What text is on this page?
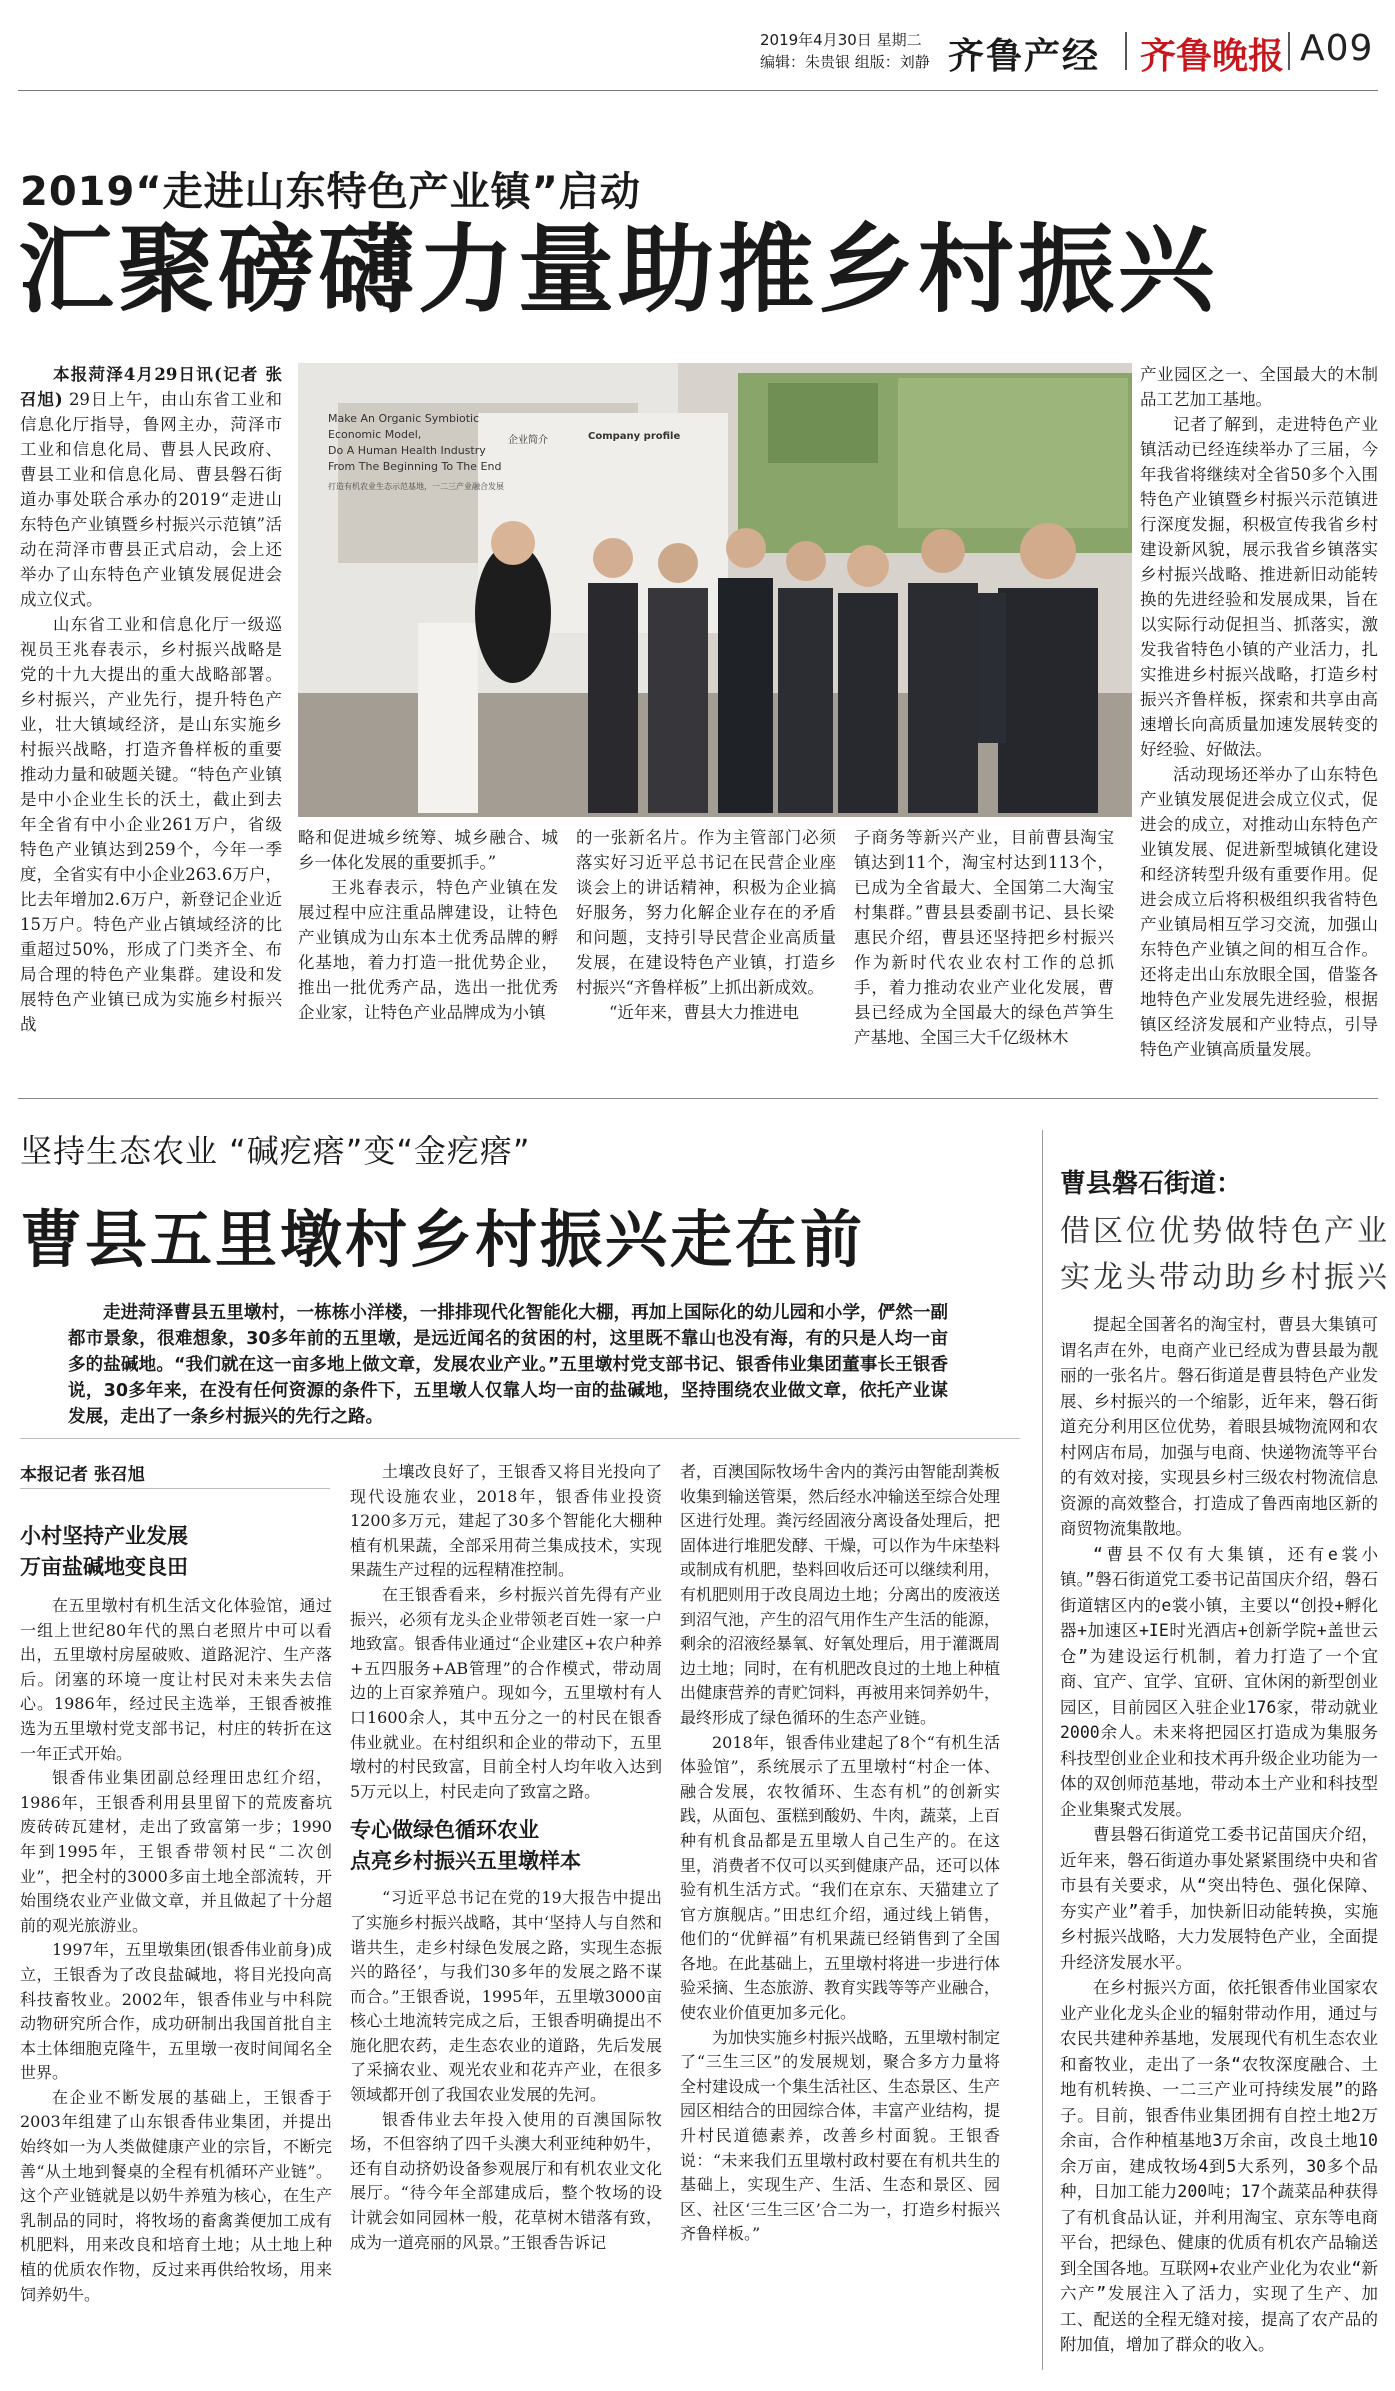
2019年4月30日 星期二
编辑：朱贵银 组版：刘静 齐鲁产经 齐鲁晚报 A09
2019“走进山东特色产业镇”启动
汇聚磅礴力量助推乡村振兴

本报菏泽4月29日讯(记者 张召旭) 29日上午，由山东省工业和信息化厅指导，鲁网主办，菏泽市工业和信息化局、曹县人民政府、曹县工业和信息化局、曹县磐石街道办事处联合承办的2019“走进山东特色产业镇暨乡村振兴示范镇”活动在菏泽市曹县正式启动，会上还举办了山东特色产业镇发展促进会成立仪式。

山东省工业和信息化厅一级巡视员王兆春表示，乡村振兴战略是党的十九大提出的重大战略部署。乡村振兴，产业先行，提升特色产业，壮大镇域经济，是山东实施乡村振兴战略，打造齐鲁样板的重要推动力量和破题关键。“特色产业镇是中小企业生长的沃土，截止到去年全省有中小企业261万户，省级特色产业镇达到259个，今年一季度，全省实有中小企业263.6万户，比去年增加2.6万户，新登记企业近15万户。特色产业占镇域经济的比重超过50%，形成了门类齐全、布局合理的特色产业集群。建设和发展特色产业镇已成为实施乡村振兴战

Make An Organic Symbiotic
Economic Model,
Do A Human Health Industry
From The Beginning To The End
企业简介	Company profile
打造有机农业生态示范基地，一二三产业融合发展

略和促进城乡统筹、城乡融合、城乡一体化发展的重要抓手。”

王兆春表示，特色产业镇在发展过程中应注重品牌建设，让特色产业镇成为山东本土优秀品牌的孵化基地，着力打造一批优势企业，推出一批优秀产品，选出一批优秀企业家，让特色产业品牌成为小镇

的一张新名片。作为主管部门必须落实好习近平总书记在民营企业座谈会上的讲话精神，积极为企业搞好服务，努力化解企业存在的矛盾和问题，支持引导民营企业高质量发展，在建设特色产业镇，打造乡村振兴“齐鲁样板”上抓出新成效。

“近年来，曹县大力推进电

子商务等新兴产业，目前曹县淘宝镇达到11个，淘宝村达到113个，已成为全省最大、全国第二大淘宝村集群。”曹县县委副书记、县长梁惠民介绍，曹县还坚持把乡村振兴作为新时代农业农村工作的总抓手，着力推动农业产业化发展，曹县已经成为全国最大的绿色芦笋生产基地、全国三大千亿级林木

产业园区之一、全国最大的木制品工艺加工基地。

记者了解到，走进特色产业镇活动已经连续举办了三届，今年我省将继续对全省50多个入围特色产业镇暨乡村振兴示范镇进行深度发掘，积极宣传我省乡村建设新风貌，展示我省乡镇落实乡村振兴战略、推进新旧动能转换的先进经验和发展成果，旨在以实际行动促担当、抓落实，激发我省特色小镇的产业活力，扎实推进乡村振兴战略，打造乡村振兴齐鲁样板，探索和共享由高速增长向高质量加速发展转变的好经验、好做法。

活动现场还举办了山东特色产业镇发展促进会成立仪式，促进会的成立，对推动山东特色产业镇发展、促进新型城镇化建设和经济转型升级有重要作用。促进会成立后将积极组织我省特色产业镇局相互学习交流，加强山东特色产业镇之间的相互合作。还将走出山东放眼全国，借鉴各地特色产业发展先进经验，根据镇区经济发展和产业特点，引导特色产业镇高质量发展。

坚持生态农业 “碱疙瘩”变“金疙瘩”
曹县五里墩村乡村振兴走在前
走进菏泽曹县五里墩村，一栋栋小洋楼，一排排现代化智能化大棚，再加上国际化的幼儿园和小学，俨然一副都市景象，很难想象，30多年前的五里墩，是远近闻名的贫困的村，这里既不靠山也没有海，有的只是人均一亩多的盐碱地。“我们就在这一亩多地上做文章，发展农业产业。”五里墩村党支部书记、银香伟业集团董事长王银香说，30多年来，在没有任何资源的条件下，五里墩人仅靠人均一亩的盐碱地，坚持围绕农业做文章，依托产业谋发展，走出了一条乡村振兴的先行之路。
本报记者 张召旭
小村坚持产业发展
万亩盐碱地变良田

在五里墩村有机生活文化体验馆，通过一组上世纪80年代的黑白老照片中可以看出，五里墩村房屋破败、道路泥泞、生产落后。闭塞的环境一度让村民对未来失去信心。1986年，经过民主选举，王银香被推选为五里墩村党支部书记，村庄的转折在这一年正式开始。

银香伟业集团副总经理田忠红介绍，1986年，王银香利用县里留下的荒废畜坑废砖砖瓦建材，走出了致富第一步；1990年到1995年，王银香带领村民“二次创业”，把全村的3000多亩土地全部流转，开始围绕农业产业做文章，并且做起了十分超前的观光旅游业。

1997年，五里墩集团(银香伟业前身)成立，王银香为了改良盐碱地，将目光投向高科技畜牧业。2002年，银香伟业与中科院动物研究所合作，成功研制出我国首批自主本土体细胞克隆牛，五里墩一夜时间闻名全世界。

在企业不断发展的基础上，王银香于2003年组建了山东银香伟业集团，并提出始终如一为人类做健康产业的宗旨，不断完善“从土地到餐桌的全程有机循环产业链”。这个产业链就是以奶牛养殖为核心，在生产乳制品的同时，将牧场的畜禽粪便加工成有机肥料，用来改良和培育土地；从土地上种植的优质农作物，反过来再供给牧场，用来饲养奶牛。

土壤改良好了，王银香又将目光投向了现代设施农业，2018年，银香伟业投资1200多万元，建起了30多个智能化大棚种植有机果蔬，全部采用荷兰集成技术，实现果蔬生产过程的远程精准控制。

在王银香看来，乡村振兴首先得有产业振兴，必须有龙头企业带领老百姓一家一户地致富。银香伟业通过“企业建区+农户种养+五四服务+AB管理”的合作模式，带动周边的上百家养殖户。现如今，五里墩村有人口1600余人，其中五分之一的村民在银香伟业就业。在村组织和企业的带动下，五里墩村的村民致富，目前全村人均年收入达到5万元以上，村民走向了致富之路。

专心做绿色循环农业
点亮乡村振兴五里墩样本

“习近平总书记在党的19大报告中提出了实施乡村振兴战略，其中‘坚持人与自然和谐共生，走乡村绿色发展之路，实现生态振兴的路径’，与我们30多年的发展之路不谋而合。”王银香说，1995年，五里墩3000亩核心土地流转完成之后，王银香明确提出不施化肥农药，走生态农业的道路，先后发展了采摘农业、观光农业和花卉产业，在很多领域都开创了我国农业发展的先河。

银香伟业去年投入使用的百澳国际牧场，不但容纳了四千头澳大利亚纯种奶牛，还有自动挤奶设备参观展厅和有机农业文化展厅。“待今年全部建成后，整个牧场的设计就会如同园林一般，花草树木错落有致，成为一道亮丽的风景。”王银香告诉记

者，百澳国际牧场牛舍内的粪污由智能刮粪板收集到输送管渠，然后经水冲输送至综合处理区进行处理。粪污经固液分离设备处理后，把固体进行堆肥发酵、干燥，可以作为牛床垫料或制成有机肥，垫料回收后还可以继续利用，有机肥则用于改良周边土地；分离出的废液送到沼气池，产生的沼气用作生产生活的能源，剩余的沼液经暴氧、好氧处理后，用于灌溉周边土地；同时，在有机肥改良过的土地上种植出健康营养的青贮饲料，再被用来饲养奶牛，最终形成了绿色循环的生态产业链。

2018年，银香伟业建起了8个“有机生活体验馆”，系统展示了五里墩村“村企一体、融合发展，农牧循环、生态有机”的创新实践，从面包、蛋糕到酸奶、牛肉，蔬菜，上百种有机食品都是五里墩人自己生产的。在这里，消费者不仅可以买到健康产品，还可以体验有机生活方式。“我们在京东、天猫建立了官方旗舰店。”田忠红介绍，通过线上销售，他们的“优鲜福”有机果蔬已经销售到了全国各地。在此基础上，五里墩村将进一步进行体验采摘、生态旅游、教育实践等等产业融合，使农业价值更加多元化。

为加快实施乡村振兴战略，五里墩村制定了“三生三区”的发展规划，聚合多方力量将全村建设成一个集生活社区、生态景区、生产园区相结合的田园综合体，丰富产业结构，提升村民道德素养，改善乡村面貌。王银香说：“未来我们五里墩村政村要在有机共生的基础上，实现生产、生活、生态和景区、园区、社区‘三生三区’合二为一，打造乡村振兴齐鲁样板。”

曹县磐石街道：
借区位优势做特色产业
实龙头带动助乡村振兴

提起全国著名的淘宝村，曹县大集镇可谓名声在外，电商产业已经成为曹县最为靓丽的一张名片。磐石街道是曹县特色产业发展、乡村振兴的一个缩影，近年来，磐石街道充分利用区位优势，着眼县城物流网和农村网店布局，加强与电商、快递物流等平台的有效对接，实现县乡村三级农村物流信息资源的高效整合，打造成了鲁西南地区新的商贸物流集散地。

“曹县不仅有大集镇，还有e裳小镇。”磐石街道党工委书记苗国庆介绍，磐石街道辖区内的e裳小镇，主要以“创投+孵化器+加速区+IE时光酒店+创新学院+盖世云仓”为建设运行机制，着力打造了一个宜商、宜产、宜学、宜研、宜休闲的新型创业园区，目前园区入驻企业176家，带动就业2000余人。未来将把园区打造成为集服务科技型创业企业和技术再升级企业功能为一体的双创师范基地，带动本土产业和科技型企业集聚式发展。

曹县磐石街道党工委书记苗国庆介绍，近年来，磐石街道办事处紧紧围绕中央和省市县有关要求，从“突出特色、强化保障、夯实产业”着手，加快新旧动能转换，实施乡村振兴战略，大力发展特色产业，全面提升经济发展水平。

在乡村振兴方面，依托银香伟业国家农业产业化龙头企业的辐射带动作用，通过与农民共建种养基地，发展现代有机生态农业和畜牧业，走出了一条“农牧深度融合、土地有机转换、一二三产业可持续发展”的路子。目前，银香伟业集团拥有自控土地2万余亩，合作种植基地3万余亩，改良土地10余万亩，建成牧场4到5大系列，30多个品种，日加工能力200吨；17个蔬菜品种获得了有机食品认证，并利用淘宝、京东等电商平台，把绿色、健康的优质有机农产品输送到全国各地。互联网+农业产业化为农业“新六产”发展注入了活力，实现了生产、加工、配送的全程无缝对接，提高了农产品的附加值，增加了群众的收入。
